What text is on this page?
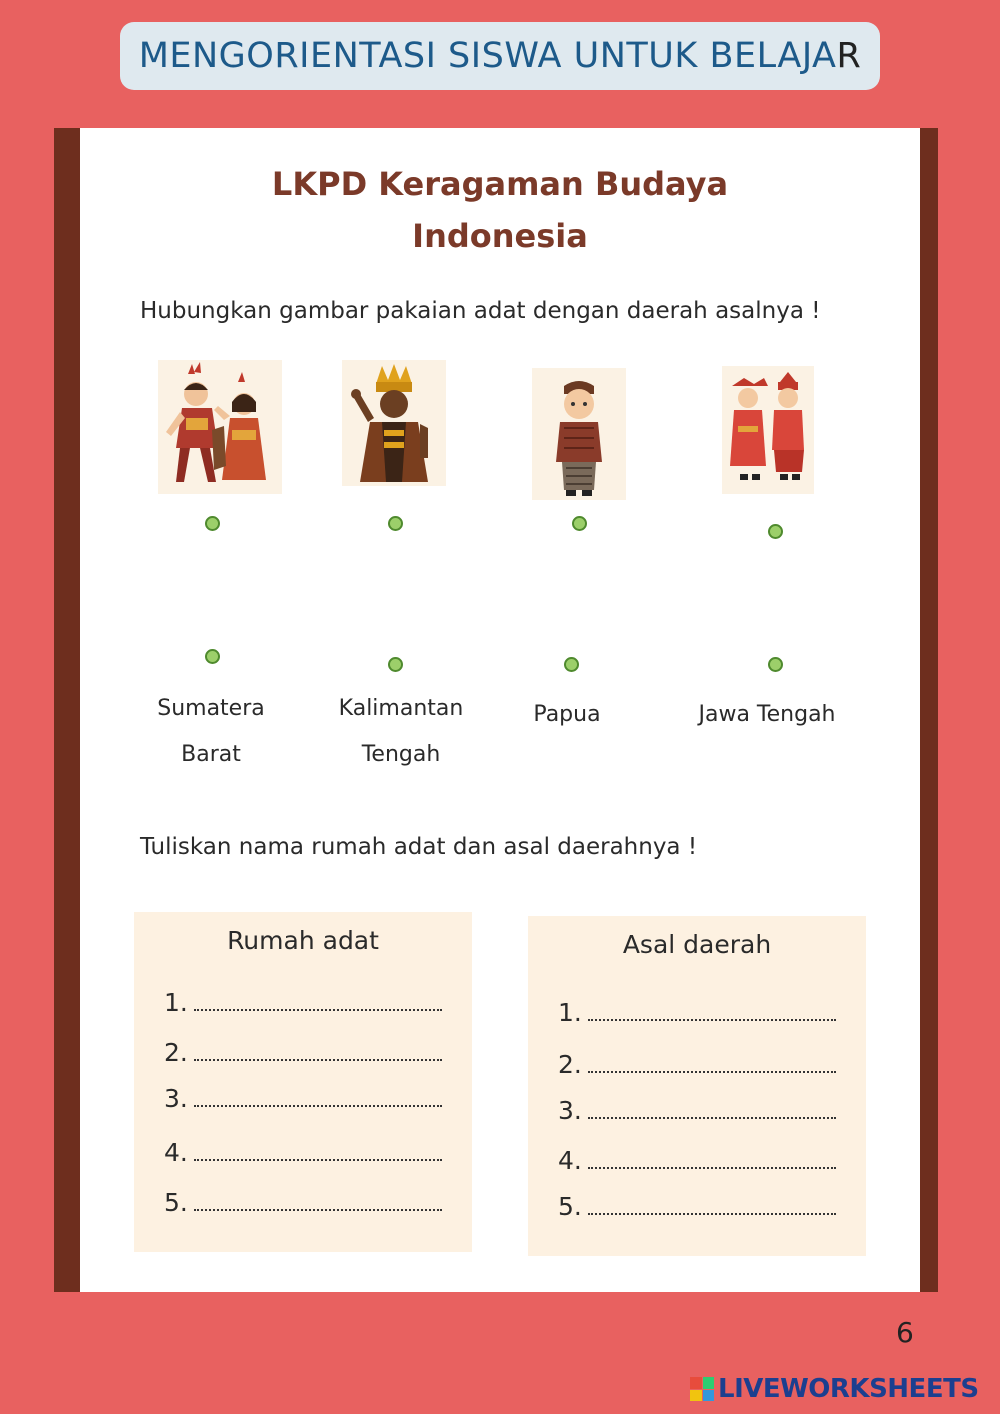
MENGORIENTASI SISWA UNTUK BELAJA R
LKPD Keragaman Budaya
Indonesia
Hubungkan gambar pakaian adat dengan daerah asalnya !
Sumatera
Barat
Kalimantan
Tengah
Papua	Jawa Tengah
Tuliskan nama rumah adat dan asal daerahnya !
Rumah adat
1.
2.
3.
4.
5.
Asal daerah
1.
2.
3.
4.
5.
6
LIVEWORKSHEETS
